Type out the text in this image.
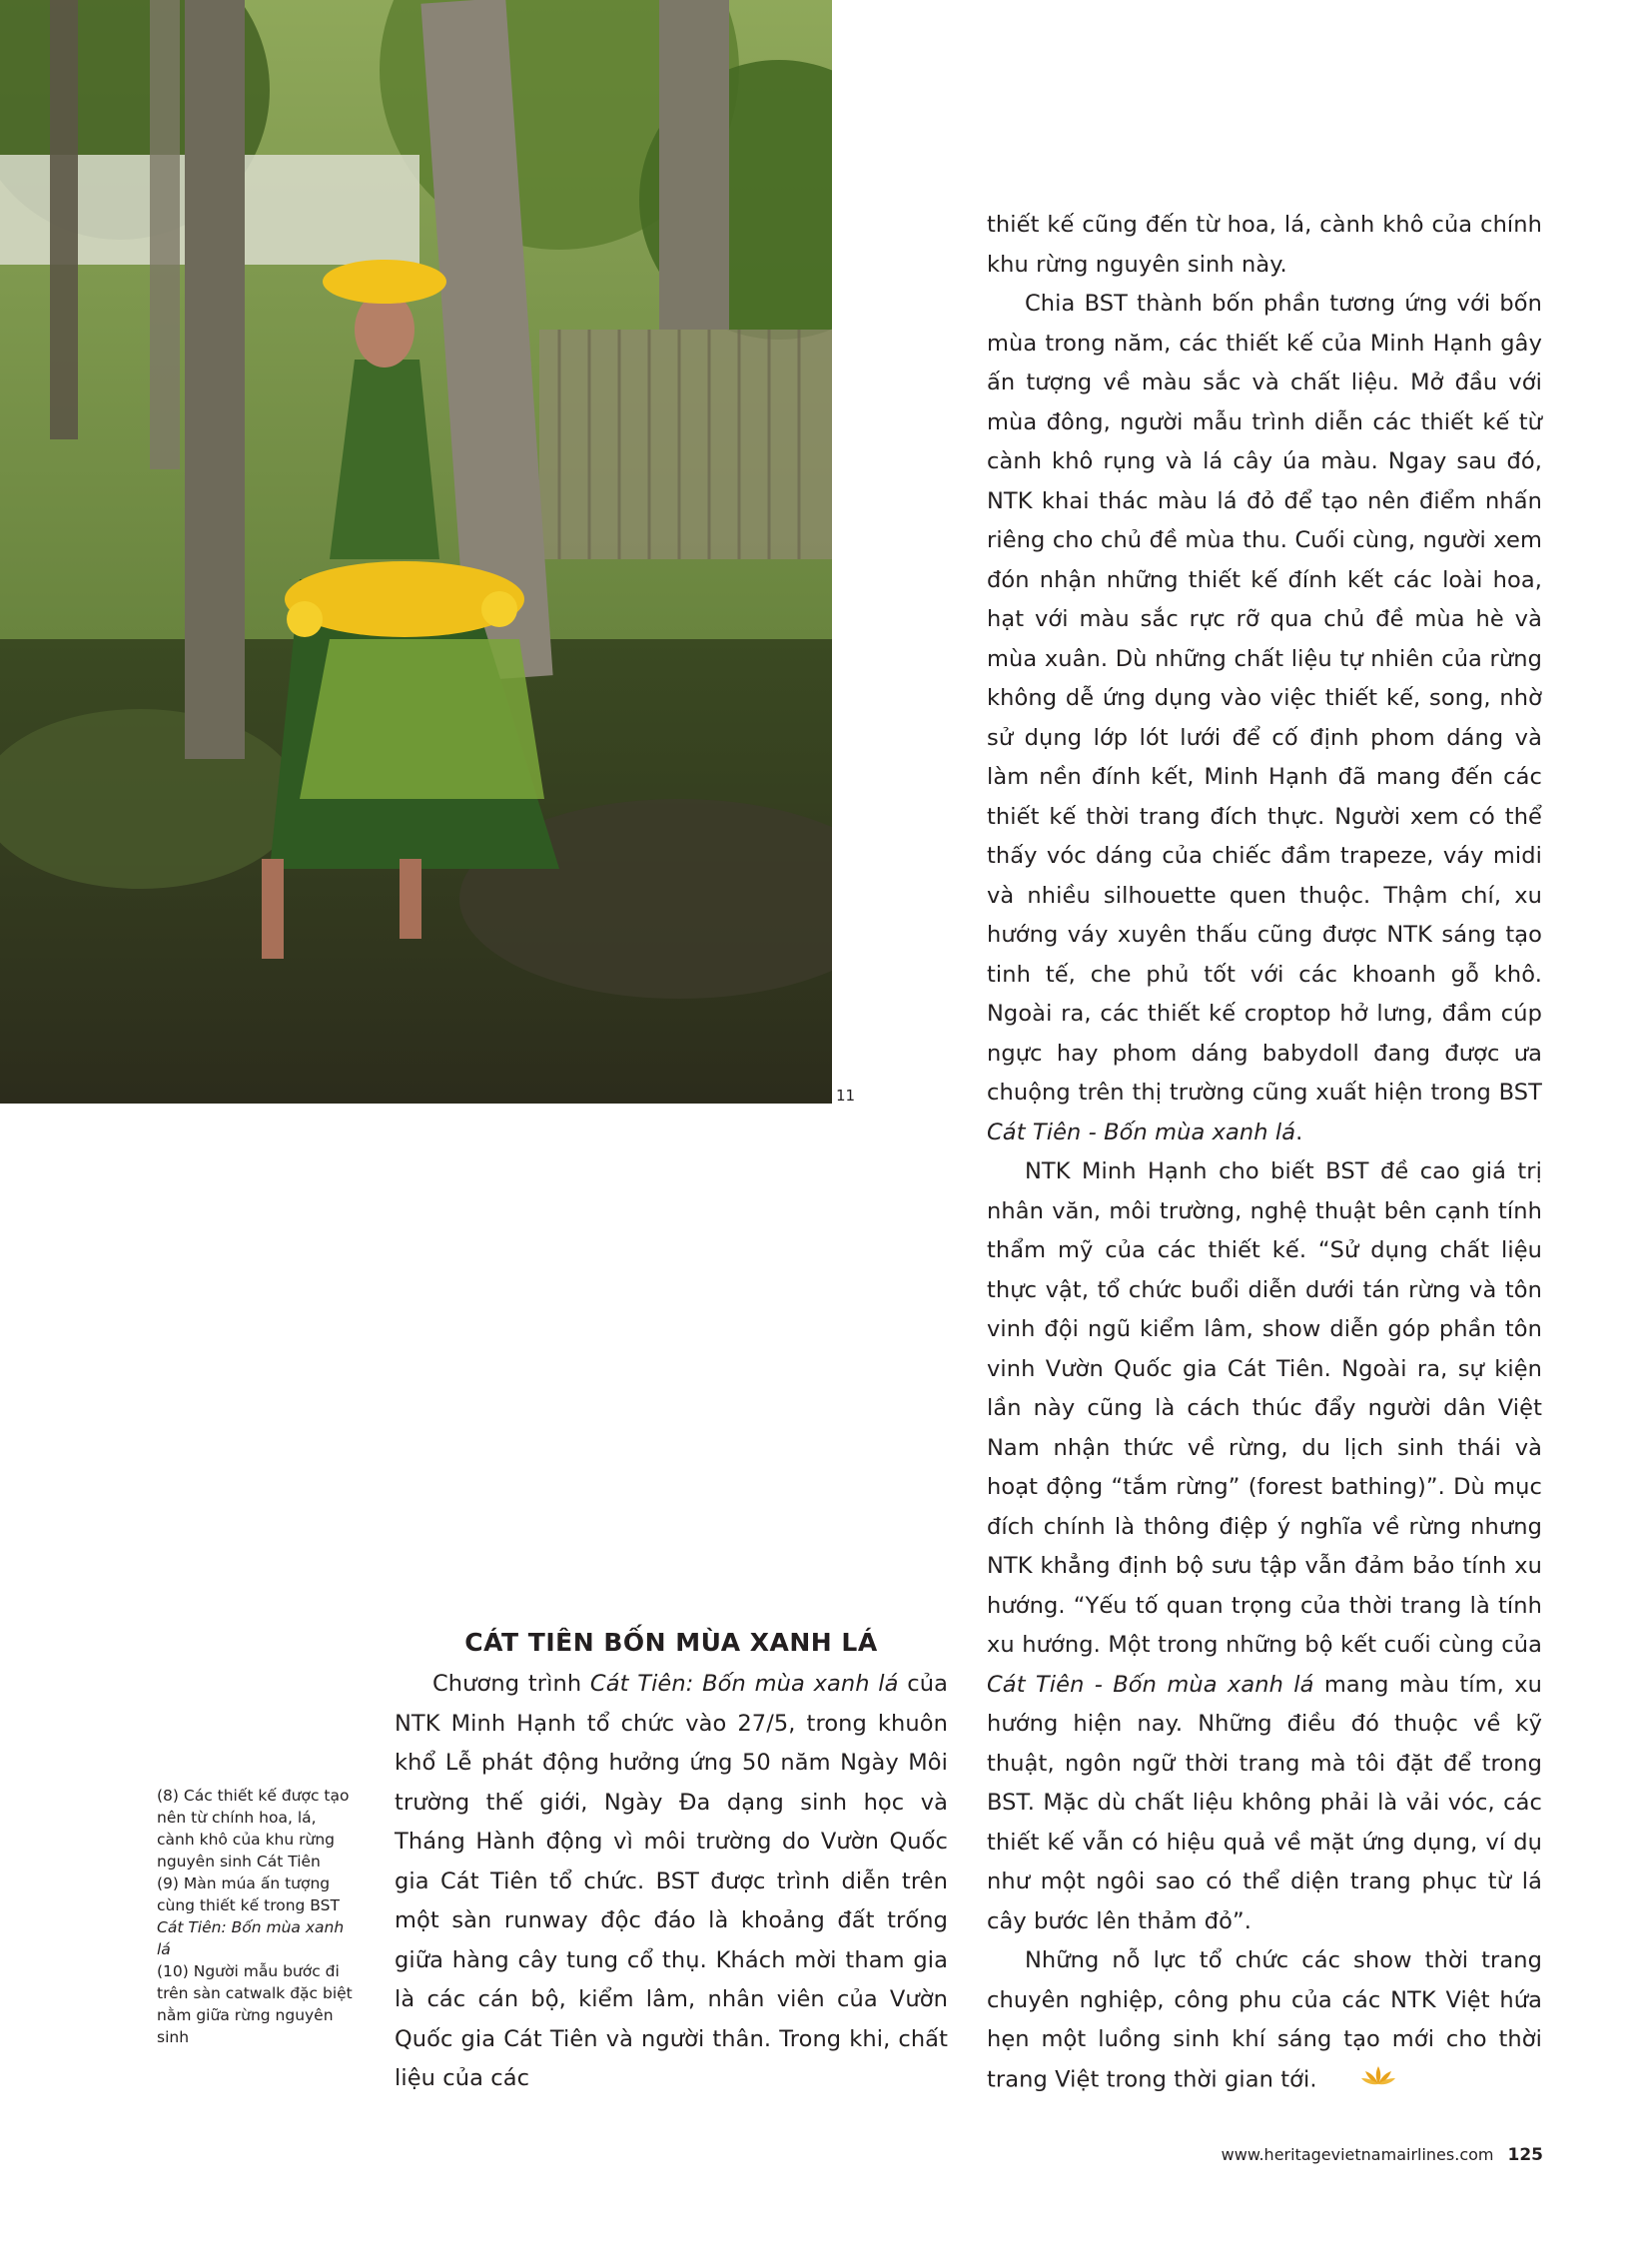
11

thiết kế cũng đến từ hoa, lá, cành khô của chính khu rừng nguyên sinh này.

Chia BST thành bốn phần tương ứng với bốn mùa trong năm, các thiết kế của Minh Hạnh gây ấn tượng về màu sắc và chất liệu. Mở đầu với mùa đông, người mẫu trình diễn các thiết kế từ cành khô rụng và lá cây úa màu. Ngay sau đó, NTK khai thác màu lá đỏ để tạo nên điểm nhấn riêng cho chủ đề mùa thu. Cuối cùng, người xem đón nhận những thiết kế đính kết các loài hoa, hạt với màu sắc rực rỡ qua chủ đề mùa hè và mùa xuân. Dù những chất liệu tự nhiên của rừng không dễ ứng dụng vào việc thiết kế, song, nhờ sử dụng lớp lót lưới để cố định phom dáng và làm nền đính kết, Minh Hạnh đã mang đến các thiết kế thời trang đích thực. Người xem có thể thấy vóc dáng của chiếc đầm trapeze, váy midi và nhiều silhouette quen thuộc. Thậm chí, xu hướng váy xuyên thấu cũng được NTK sáng tạo tinh tế, che phủ tốt với các khoanh gỗ khô. Ngoài ra, các thiết kế croptop hở lưng, đầm cúp ngực hay phom dáng babydoll đang được ưa chuộng trên thị trường cũng xuất hiện trong BST Cát Tiên - Bốn mùa xanh lá.

NTK Minh Hạnh cho biết BST đề cao giá trị nhân văn, môi trường, nghệ thuật bên cạnh tính thẩm mỹ của các thiết kế. “Sử dụng chất liệu thực vật, tổ chức buổi diễn dưới tán rừng và tôn vinh đội ngũ kiểm lâm, show diễn góp phần tôn vinh Vườn Quốc gia Cát Tiên. Ngoài ra, sự kiện lần này cũng là cách thúc đẩy người dân Việt Nam nhận thức về rừng, du lịch sinh thái và hoạt động “tắm rừng” (forest bathing)”. Dù mục đích chính là thông điệp ý nghĩa về rừng nhưng NTK khẳng định bộ sưu tập vẫn đảm bảo tính xu hướng. “Yếu tố quan trọng của thời trang là tính xu hướng. Một trong những bộ kết cuối cùng của Cát Tiên - Bốn mùa xanh lá mang màu tím, xu hướng hiện nay. Những điều đó thuộc về kỹ thuật, ngôn ngữ thời trang mà tôi đặt để trong BST. Mặc dù chất liệu không phải là vải vóc, các thiết kế vẫn có hiệu quả về mặt ứng dụng, ví dụ như một ngôi sao có thể diện trang phục từ lá cây bước lên thảm đỏ”.

Những nỗ lực tổ chức các show thời trang chuyên nghiệp, công phu của các NTK Việt hứa hẹn một luồng sinh khí sáng tạo mới cho thời trang Việt trong thời gian tới.

CÁT TIÊN BỐN MÙA XANH LÁ

Chương trình Cát Tiên: Bốn mùa xanh lá của NTK Minh Hạnh tổ chức vào 27/5, trong khuôn khổ Lễ phát động hưởng ứng 50 năm Ngày Môi trường thế giới, Ngày Đa dạng sinh học và Tháng Hành động vì môi trường do Vườn Quốc gia Cát Tiên tổ chức. BST được trình diễn trên một sàn runway độc đáo là khoảng đất trống giữa hàng cây tung cổ thụ. Khách mời tham gia là các cán bộ, kiểm lâm, nhân viên của Vườn Quốc gia Cát Tiên và người thân. Trong khi, chất liệu của các

(8) Các thiết kế được tạo nên từ chính hoa, lá, cành khô của khu rừng nguyên sinh Cát Tiên
(9) Màn múa ấn tượng cùng thiết kế trong BST Cát Tiên: Bốn mùa xanh lá
(10) Người mẫu bước đi trên sàn catwalk đặc biệt nằm giữa rừng nguyên sinh
www.heritagevietnamairlines.com 125
